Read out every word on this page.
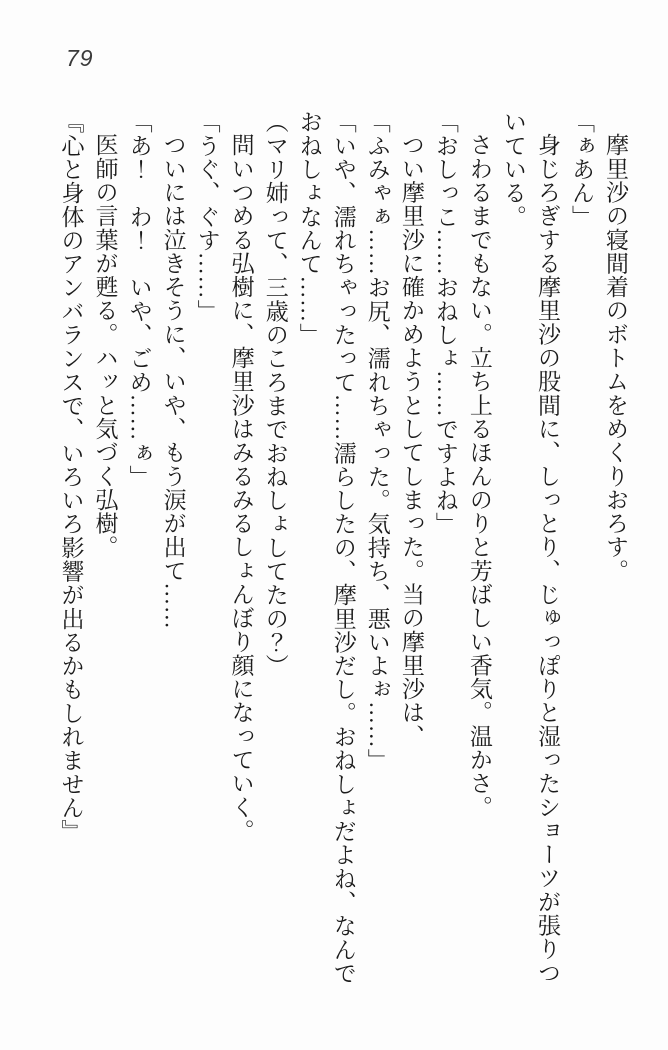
79

摩里沙の寝間着のボトムをめくりおろす。

「ぁあん」

身じろぎする摩里沙の股間に、しっとり、じゅっぽりと湿ったショーツが張りついている。

さわるまでもない。立ち上るほんのりと芳ばしい香気。温かさ。

「おしっこ……おねしょ……ですよね」

つい摩里沙に確かめようとしてしまった。当の摩里沙は、

「ふみゃぁ……お尻、濡れちゃった。気持ち、悪いよぉ……」

「いや、濡れちゃったって……濡らしたの、摩里沙だし。おねしょだよね、なんでおねしょなんて……」

（マリ姉って、三歳のころまでおねしょしてたの？）

問いつめる弘樹に、摩里沙はみるみるしょんぼり顔になっていく。

「うぐ、ぐす……」

ついには泣きそうに、いや、もう涙が出て……

「あ！　わ！　いや、ごめ……ぁ」

医師の言葉が甦る。ハッと気づく弘樹。

『心と身体のアンバランスで、いろいろ影響が出るかもしれません』
